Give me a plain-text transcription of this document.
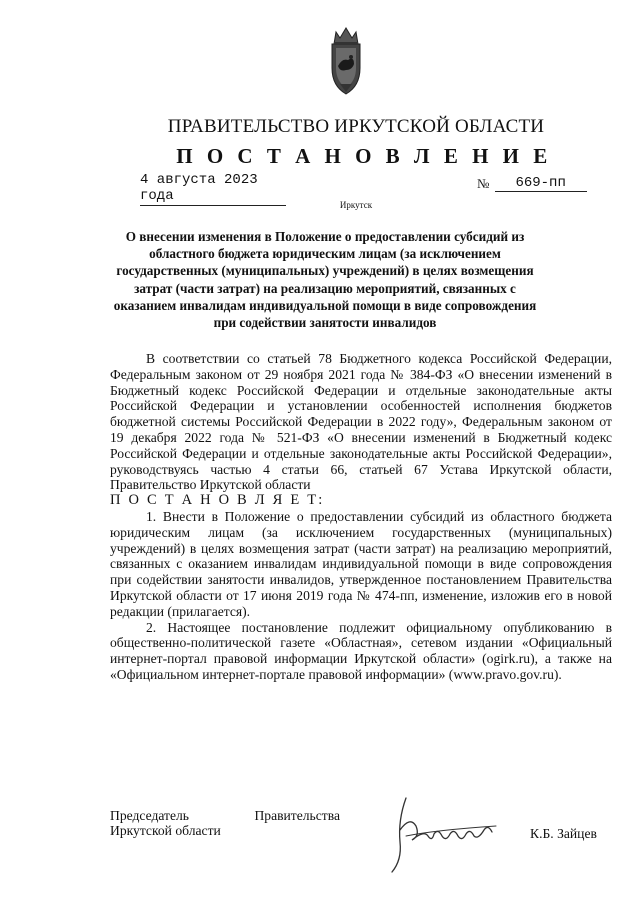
ПРАВИТЕЛЬСТВО ИРКУТСКОЙ ОБЛАСТИ
П О С Т А Н О В Л Е Н И Е
4 августа 2023 года
№ 669-пп
Иркутск
О внесении изменения в Положение о предоставлении субсидий из областного бюджета юридическим лицам (за исключением государственных (муниципальных) учреждений) в целях возмещения затрат (части затрат) на реализацию мероприятий, связанных с оказанием инвалидам индивидуальной помощи в виде сопровождения при содействии занятости инвалидов

В соответствии со статьей 78 Бюджетного кодекса Российской Федерации, Федеральным законом от 29 ноября 2021 года № 384-ФЗ «О внесении изменений в Бюджетный кодекс Российской Федерации и отдельные законодательные акты Российской Федерации и установлении особенностей исполнения бюджетов бюджетной системы Российской Федерации в 2022 году», Федеральным законом от 19 декабря 2022 года № 521-ФЗ «О внесении изменений в Бюджетный кодекс Российской Федерации и отдельные законодательные акты Российской Федерации», руководствуясь частью 4 статьи 66, статьей 67 Устава Иркутской области, Правительство Иркутской области

П О С Т А Н О В Л Я Е Т:

1. Внести в Положение о предоставлении субсидий из областного бюджета юридическим лицам (за исключением государственных (муниципальных) учреждений) в целях возмещения затрат (части затрат) на реализацию мероприятий, связанных с оказанием инвалидам индивидуальной помощи в виде сопровождения при содействии занятости инвалидов, утвержденное постановлением Правительства Иркутской области от 17 июня 2019 года № 474-пп, изменение, изложив его в новой редакции (прилагается).

2. Настоящее постановление подлежит официальному опубликованию в общественно-политической газете «Областная», сетевом издании «Официальный интернет-портал правовой информации Иркутской области» (ogirk.ru), а также на «Официальном интернет-портале правовой информации» (www.pravo.gov.ru).

Председатель	Правительства
Иркутской области	К.Б. Зайцев
